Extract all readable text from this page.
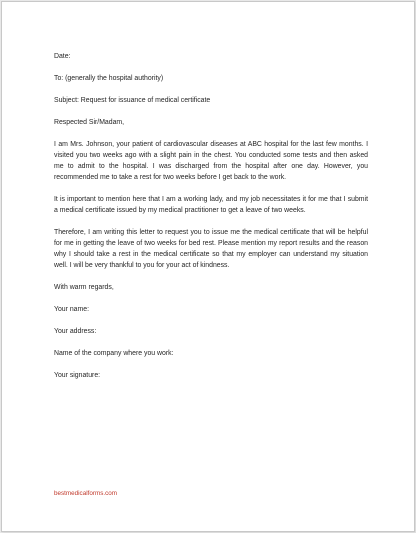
Date:

To: (generally the hospital authority)

Subject: Request for issuance of medical certificate

Respected Sir/Madam,

I am Mrs. Johnson, your patient of cardiovascular diseases at ABC hospital for the last few months. I visited you two weeks ago with a slight pain in the chest. You conducted some tests and then asked me to admit to the hospital. I was discharged from the hospital after one day. However, you recommended me to take a rest for two weeks before I get back to the work.

It is important to mention here that I am a working lady, and my job necessitates it for me that I submit a medical certificate issued by my medical practitioner to get a leave of two weeks.

Therefore, I am writing this letter to request you to issue me the medical certificate that will be helpful for me in getting the leave of two weeks for bed rest. Please mention my report results and the reason why I should take a rest in the medical certificate so that my employer can understand my situation well. I will be very thankful to you for your act of kindness.

With warm regards,

Your name:

Your address:

Name of the company where you work:

Your signature:

bestmedicalforms.com
